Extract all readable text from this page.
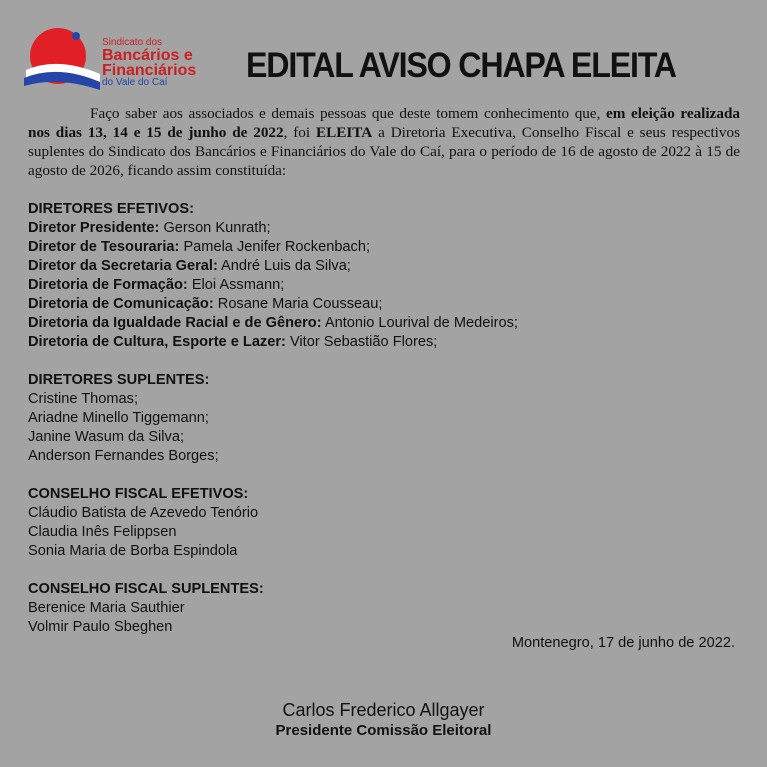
Sindicato dos
Bancários e
Financiários
do Vale do Caí	EDITAL AVISO CHAPA ELEITA

Faço saber aos associados e demais pessoas que deste tomem conhecimento que, em eleição realizada nos dias 13, 14 e 15 de junho de 2022, foi ELEITA a Diretoria Executiva, Conselho Fiscal e seus respectivos suplentes do Sindicato dos Bancários e Financiários do Vale do Caí, para o período de 16 de agosto de 2022 à 15 de agosto de 2026, ficando assim constituída:

DIRETORES EFETIVOS:
Diretor Presidente: Gerson Kunrath;
Diretor de Tesouraria: Pamela Jenifer Rockenbach;
Diretor da Secretaria Geral: André Luis da Silva;
Diretoria de Formação: Eloi Assmann;
Diretoria de Comunicação: Rosane Maria Cousseau;
Diretoria da Igualdade Racial e de Gênero: Antonio Lourival de Medeiros;
Diretoria de Cultura, Esporte e Lazer: Vitor Sebastião Flores;
DIRETORES SUPLENTES:
Cristine Thomas;
Ariadne Minello Tiggemann;
Janine Wasum da Silva;
Anderson Fernandes Borges;
CONSELHO FISCAL EFETIVOS:
Cláudio Batista de Azevedo Tenório
Claudia Inês Felippsen
Sonia Maria de Borba Espindola
CONSELHO FISCAL SUPLENTES:
Berenice Maria Sauthier
Volmir Paulo Sbeghen
Montenegro, 17 de junho de 2022.
Carlos Frederico Allgayer
Presidente Comissão Eleitoral
